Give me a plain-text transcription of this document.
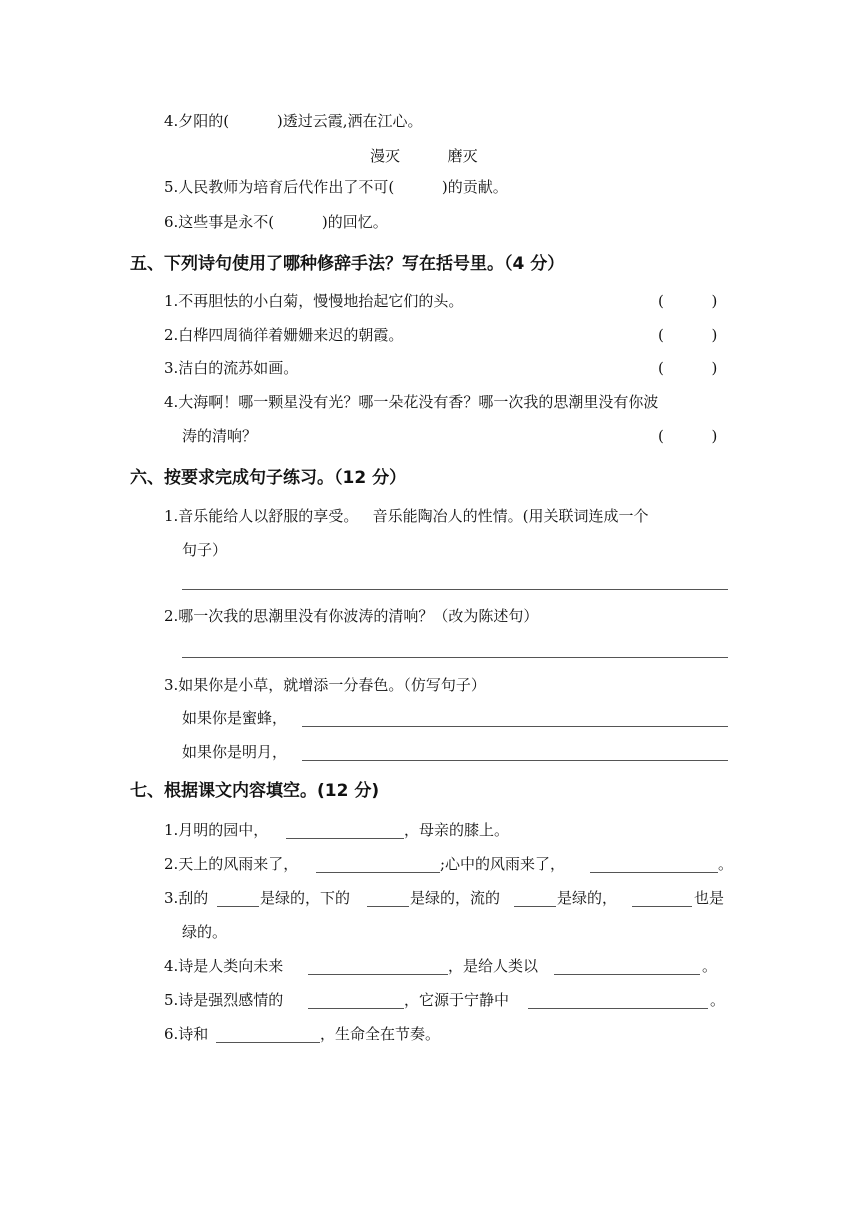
4.夕阳的(          )透过云霞,洒在江心。
漫灭          磨灭
5.人民教师为培育后代作出了不可(          )的贡献。
6.这些事是永不(          )的回忆。
五、下列诗句使用了哪种修辞手法？写在括号里。（4 分）
1.不再胆怯的小白菊，慢慢地抬起它们的头。	(          )
2.白桦四周徜徉着姗姗来迟的朝霞。	(          )
3.洁白的流苏如画。	(          )
4.大海啊！哪一颗星没有光？哪一朵花没有香？哪一次我的思潮里没有你波
涛的清响？	(          )
六、按要求完成句子练习。（12 分）
1.音乐能给人以舒服的享受。   音乐能陶冶人的性情。(用关联词连成一个
句子）
2.哪一次我的思潮里没有你波涛的清响？（改为陈述句）
3.如果你是小草，就增添一分春色。（仿写句子）
如果你是蜜蜂，
如果你是明月，
七、根据课文内容填空。(12 分)
1.月明的园中，	，母亲的膝上。
2.天上的风雨来了，	;心中的风雨来了，	。
3.刮的	是绿的，下的	是绿的，流的	是绿的，	也是
绿的。
4.诗是人类向未来	，是给人类以	。
5.诗是强烈感情的	，它源于宁静中	。
6.诗和	，生命全在节奏。
